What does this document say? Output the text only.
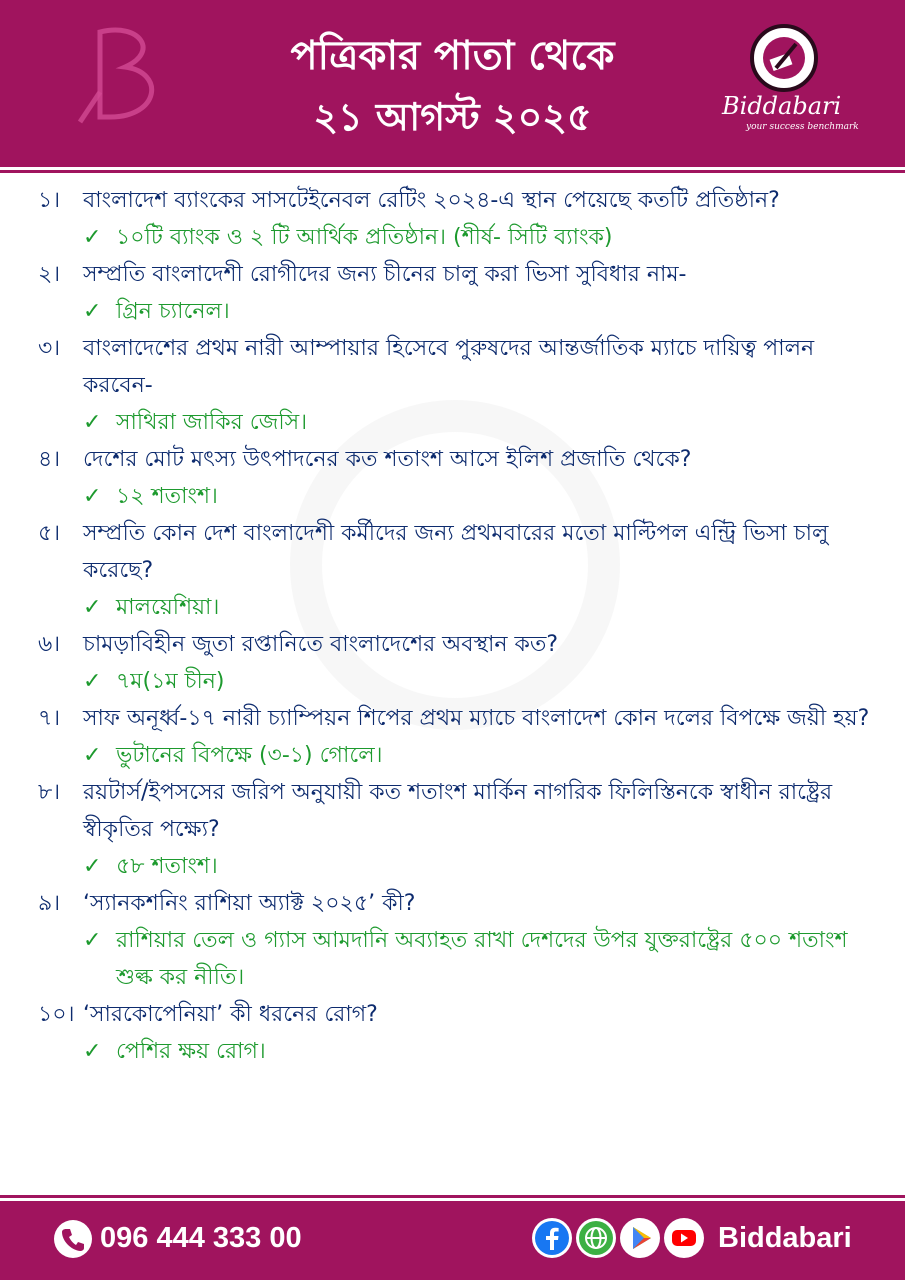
পত্রিকার পাতা থেকে
২১ আগস্ট ২০২৫	Biddabari
your success benchmark
১। বাংলাদেশ ব্যাংকের সাসটেইনেবল রেটিং ২০২৪-এ স্থান পেয়েছে কতটি প্রতিষ্ঠান?
✓ ১০টি ব্যাংক ও ২ টি আর্থিক প্রতিষ্ঠান। (শীর্ষ- সিটি ব্যাংক)
২। সম্প্রতি বাংলাদেশী রোগীদের জন্য চীনের চালু করা ভিসা সুবিধার নাম-
✓ গ্রিন চ্যানেল।
৩। বাংলাদেশের প্রথম নারী আম্পায়ার হিসেবে পুরুষদের আন্তর্জাতিক ম্যাচে দায়িত্ব পালন করবেন-
✓ সাথিরা জাকির জেসি।
৪। দেশের মোট মৎস্য উৎপাদনের কত শতাংশ আসে ইলিশ প্রজাতি থেকে?
✓ ১২ শতাংশ।
৫। সম্প্রতি কোন দেশ বাংলাদেশী কর্মীদের জন্য প্রথমবারের মতো মাল্টিপল এন্ট্রি ভিসা চালু করেছে?
✓ মালয়েশিয়া।
৬। চামড়াবিহীন জুতা রপ্তানিতে বাংলাদেশের অবস্থান কত?
✓ ৭ম(১ম চীন)
৭। সাফ অনূর্ধ্ব-১৭ নারী চ্যাম্পিয়ন শিপের প্রথম ম্যাচে বাংলাদেশ কোন দলের বিপক্ষে জয়ী হয়?
✓ ভুটানের বিপক্ষে (৩-১) গোলে।
৮। রয়টার্স/ইপসসের জরিপ অনুযায়ী কত শতাংশ মার্কিন নাগরিক ফিলিস্তিনকে স্বাধীন রাষ্ট্রের স্বীকৃতির পক্ষ্যে?
✓ ৫৮ শতাংশ।
৯। ‘স্যানকশনিং রাশিয়া অ্যাক্ট ২০২৫’ কী?
✓ রাশিয়ার তেল ও গ্যাস আমদানি অব্যাহত রাখা দেশদের উপর যুক্তরাষ্ট্রের ৫০০ শতাংশ শুল্ক কর নীতি।
১০। ‘সারকোপেনিয়া’ কী ধরনের রোগ?
✓ পেশির ক্ষয় রোগ।
096 444 333 00	Biddabari
